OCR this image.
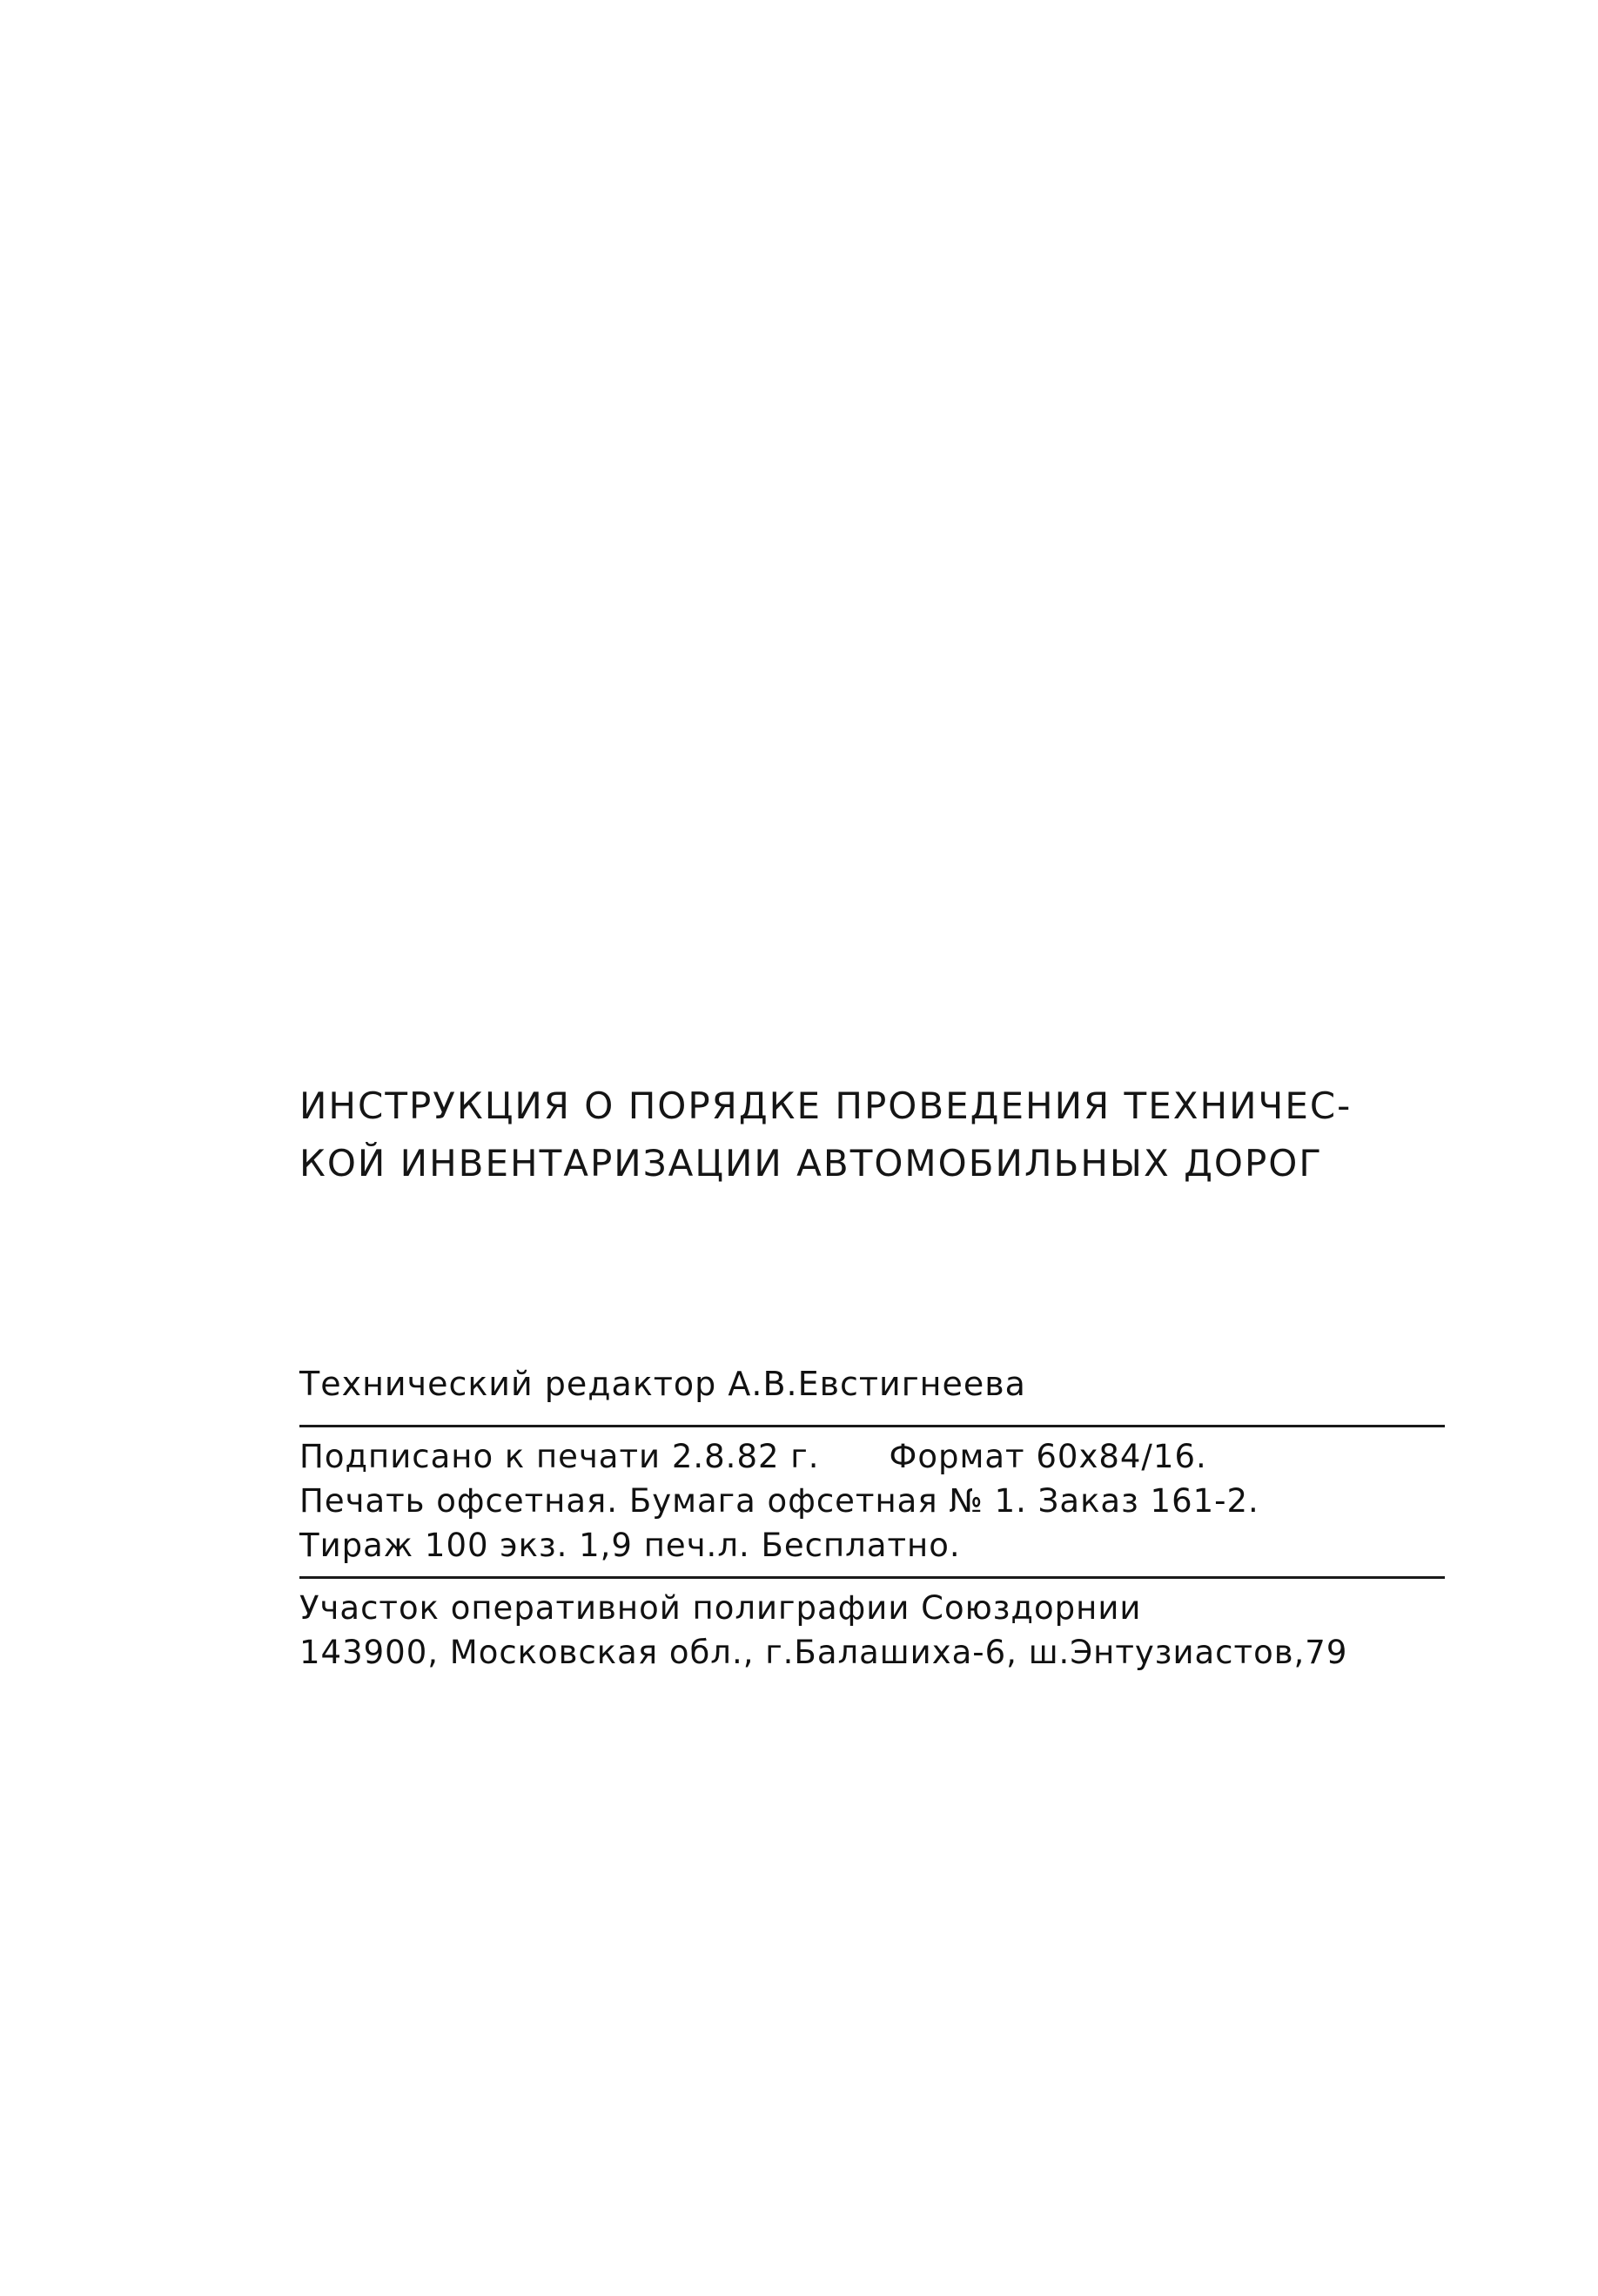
ИНСТРУКЦИЯ О ПОРЯДКЕ ПРОВЕДЕНИЯ ТЕХНИЧЕС-
КОЙ ИНВЕНТАРИЗАЦИИ АВТОМОБИЛЬНЫХ ДОРОГ
Технический редактор А.В.Евстигнеева
Подписано к печати 2.8.82 г. Формат 60х84/16.
Печать офсетная. Бумага офсетная № 1. Заказ 161-2.
Тираж 100 экз. 1,9 печ.л. Бесплатно.
Участок оперативной полиграфии Союздорнии
143900, Московская обл., г.Балашиха-6, ш.Энтузиастов,79
